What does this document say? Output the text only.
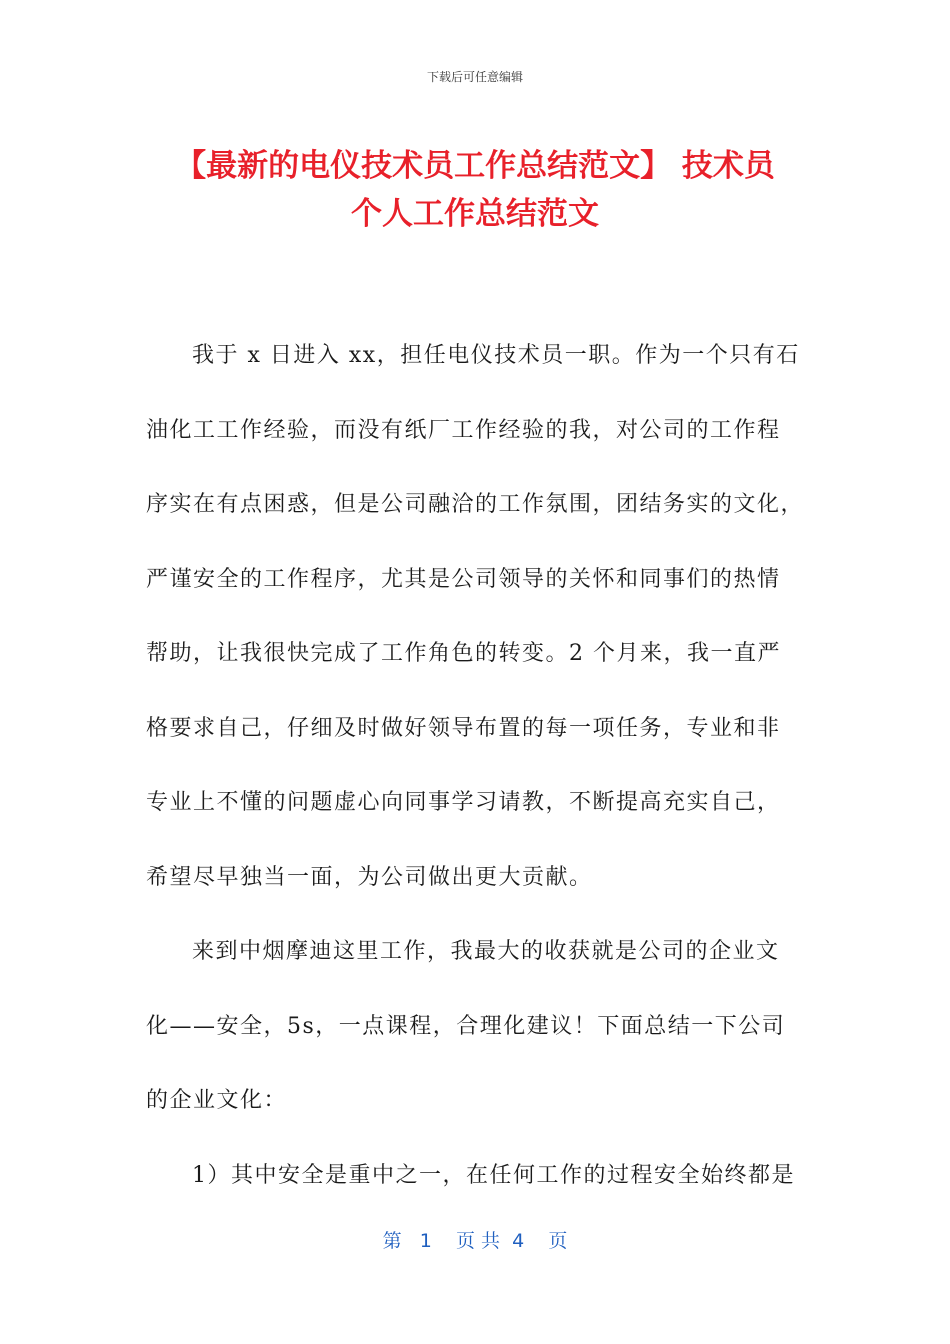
下载后可任意编辑
【最新的电仪技术员工作总结范文】 技术员
个人工作总结范文
我于 x 日进入 xx，担任电仪技术员一职。作为一个只有石
油化工工作经验，而没有纸厂工作经验的我，对公司的工作程
序实在有点困惑，但是公司融洽的工作氛围，团结务实的文化，
严谨安全的工作程序，尤其是公司领导的关怀和同事们的热情
帮助，让我很快完成了工作角色的转变。2 个月来，我一直严
格要求自己，仔细及时做好领导布置的每一项任务，专业和非
专业上不懂的问题虚心向同事学习请教，不断提高充实自己，
希望尽早独当一面，为公司做出更大贡献。
来到中烟摩迪这里工作，我最大的收获就是公司的企业文
化——安全，5s，一点课程，合理化建议！下面总结一下公司
的企业文化：
1）其中安全是重中之一，在任何工作的过程安全始终都是
第   1    页 共  4    页
